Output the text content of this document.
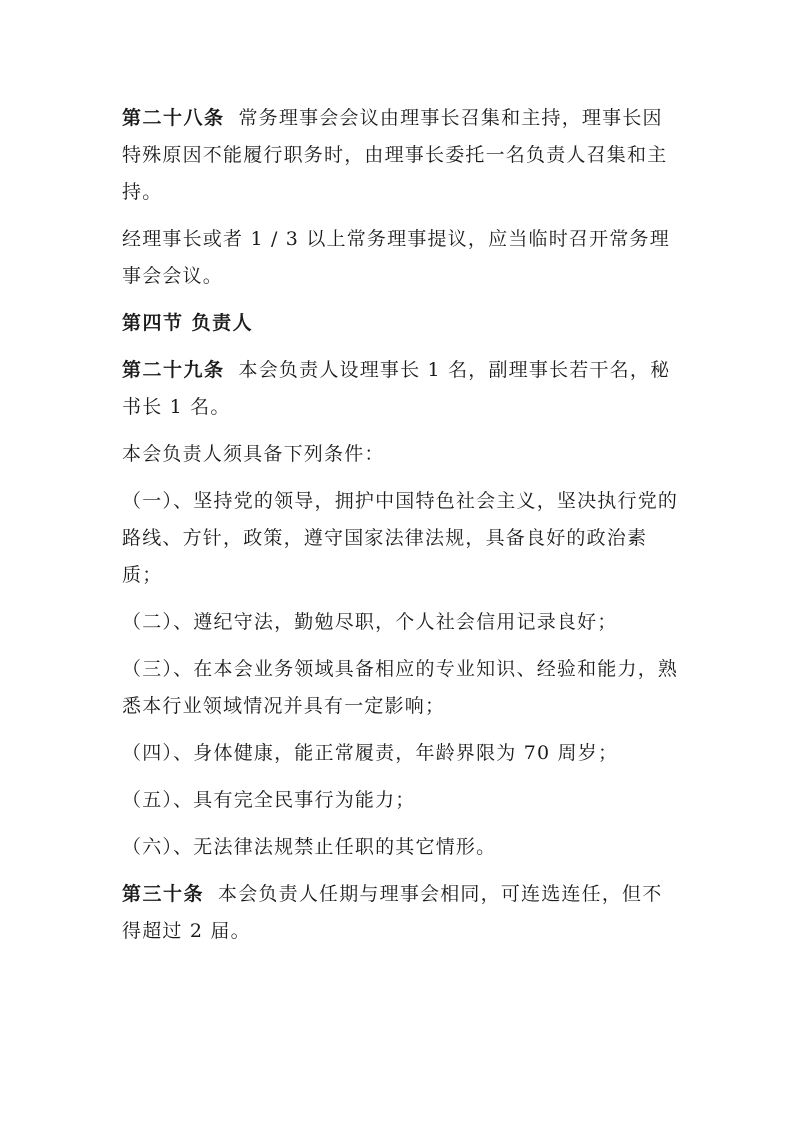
第二十八条 常务理事会会议由理事长召集和主持，理事长因特殊原因不能履行职务时，由理事长委托一名负责人召集和主持。

经理事长或者 1 / 3 以上常务理事提议，应当临时召开常务理事会会议。

第四节 负责人

第二十九条 本会负责人设理事长 1 名，副理事长若干名，秘书长 1 名。

本会负责人须具备下列条件：

（一）、坚持党的领导，拥护中国特色社会主义，坚决执行党的路线、方针，政策，遵守国家法律法规，具备良好的政治素质；

（二）、遵纪守法，勤勉尽职，个人社会信用记录良好；

（三）、在本会业务领域具备相应的专业知识、经验和能力，熟悉本行业领域情况并具有一定影响；

（四）、身体健康，能正常履责，年龄界限为 70 周岁；

（五）、具有完全民事行为能力；

（六）、无法律法规禁止任职的其它情形。

第三十条 本会负责人任期与理事会相同，可连选连任，但不得超过 2 届。
